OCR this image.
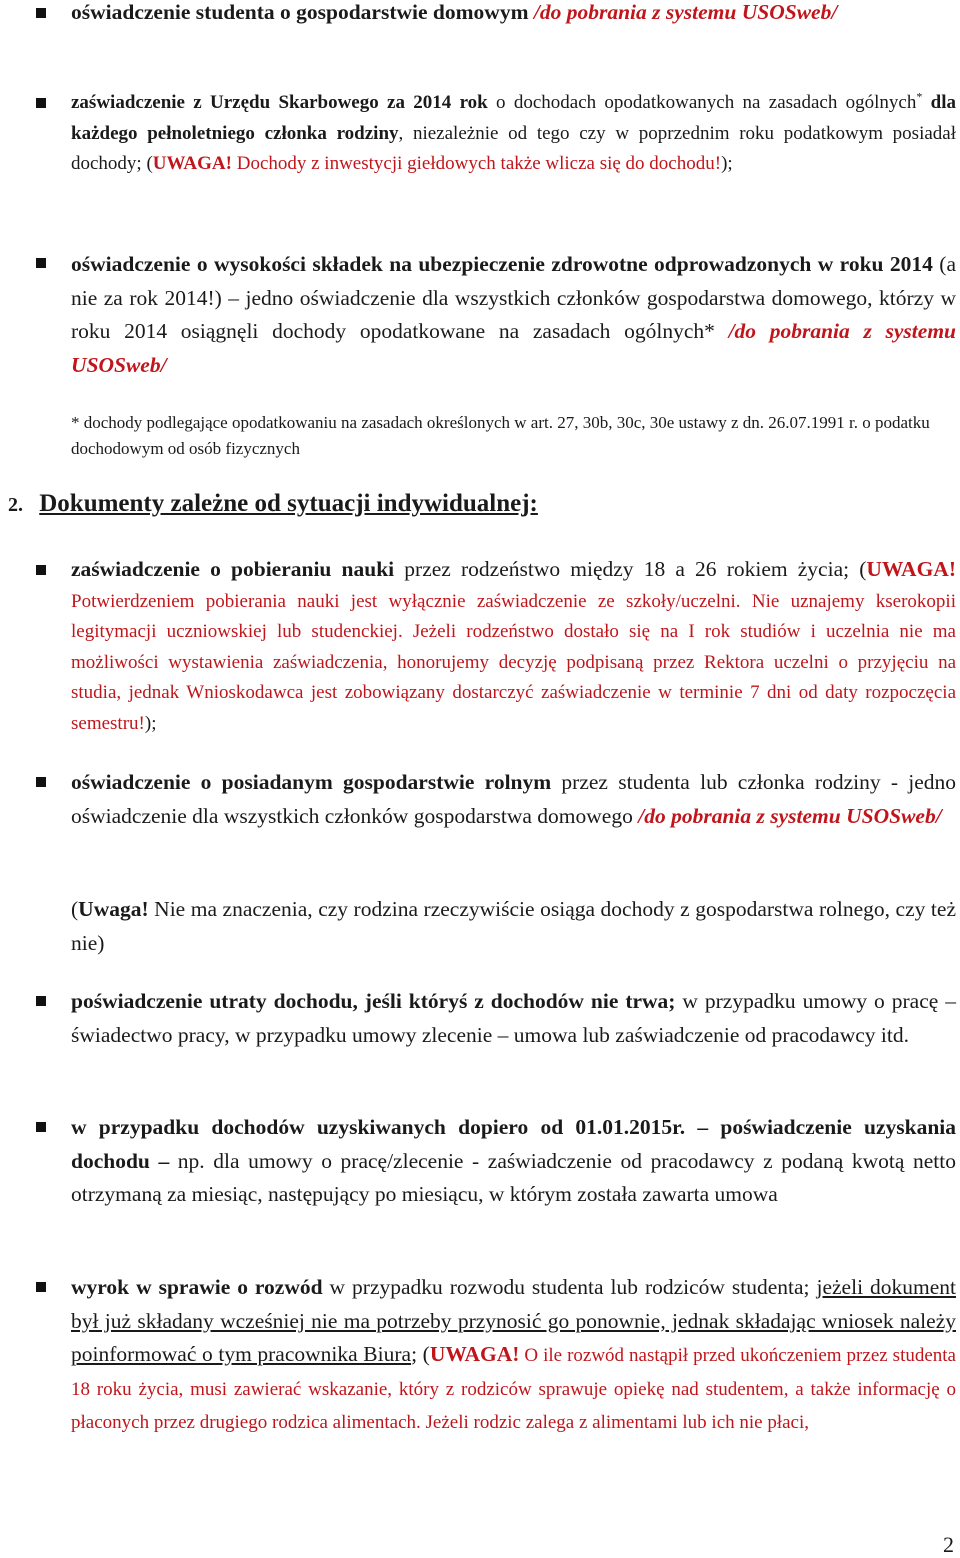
oświadczenie studenta o gospodarstwie domowym /do pobrania z systemu USOSweb/
zaświadczenie z Urzędu Skarbowego za 2014 rok o dochodach opodatkowanych na zasadach ogólnych* dla każdego pełnoletniego członka rodziny, niezależnie od tego czy w poprzednim roku podatkowym posiadał dochody; (UWAGA! Dochody z inwestycji giełdowych także wlicza się do dochodu!);
oświadczenie o wysokości składek na ubezpieczenie zdrowotne odprowadzonych w roku 2014 (a nie za rok 2014!) – jedno oświadczenie dla wszystkich członków gospodarstwa domowego, którzy w roku 2014 osiągnęli dochody opodatkowane na zasadach ogólnych* /do pobrania z systemu USOSweb/
* dochody podlegające opodatkowaniu na zasadach określonych w art. 27, 30b, 30c, 30e ustawy z dn. 26.07.1991 r. o podatku dochodowym od osób fizycznych
2. Dokumenty zależne od sytuacji indywidualnej:
zaświadczenie o pobieraniu nauki przez rodzeństwo między 18 a 26 rokiem życia; (UWAGA! Potwierdzeniem pobierania nauki jest wyłącznie zaświadczenie ze szkoły/uczelni. Nie uznajemy kserokopii legitymacji uczniowskiej lub studenckiej. Jeżeli rodzeństwo dostało się na I rok studiów i uczelnia nie ma możliwości wystawienia zaświadczenia, honorujemy decyzję podpisaną przez Rektora uczelni o przyjęciu na studia, jednak Wnioskodawca jest zobowiązany dostarczyć zaświadczenie w terminie 7 dni od daty rozpoczęcia semestru!);
oświadczenie o posiadanym gospodarstwie rolnym przez studenta lub członka rodziny - jedno oświadczenie dla wszystkich członków gospodarstwa domowego /do pobrania z systemu USOSweb/
(Uwaga! Nie ma znaczenia, czy rodzina rzeczywiście osiąga dochody z gospodarstwa rolnego, czy też nie)
poświadczenie utraty dochodu, jeśli któryś z dochodów nie trwa; w przypadku umowy o pracę – świadectwo pracy, w przypadku umowy zlecenie – umowa lub zaświadczenie od pracodawcy itd.
w przypadku dochodów uzyskiwanych dopiero od 01.01.2015r. – poświadczenie uzyskania dochodu – np. dla umowy o pracę/zlecenie - zaświadczenie od pracodawcy z podaną kwotą netto otrzymaną za miesiąc, następujący po miesiącu, w którym została zawarta umowa
wyrok w sprawie o rozwód w przypadku rozwodu studenta lub rodziców studenta; jeżeli dokument był już składany wcześniej nie ma potrzeby przynosić go ponownie, jednak składając wniosek należy poinformować o tym pracownika Biura; (UWAGA! O ile rozwód nastąpił przed ukończeniem przez studenta 18 roku życia, musi zawierać wskazanie, który z rodziców sprawuje opiekę nad studentem, a także informację o płaconych przez drugiego rodzica alimentach. Jeżeli rodzic zalega z alimentami lub ich nie płaci,
2
